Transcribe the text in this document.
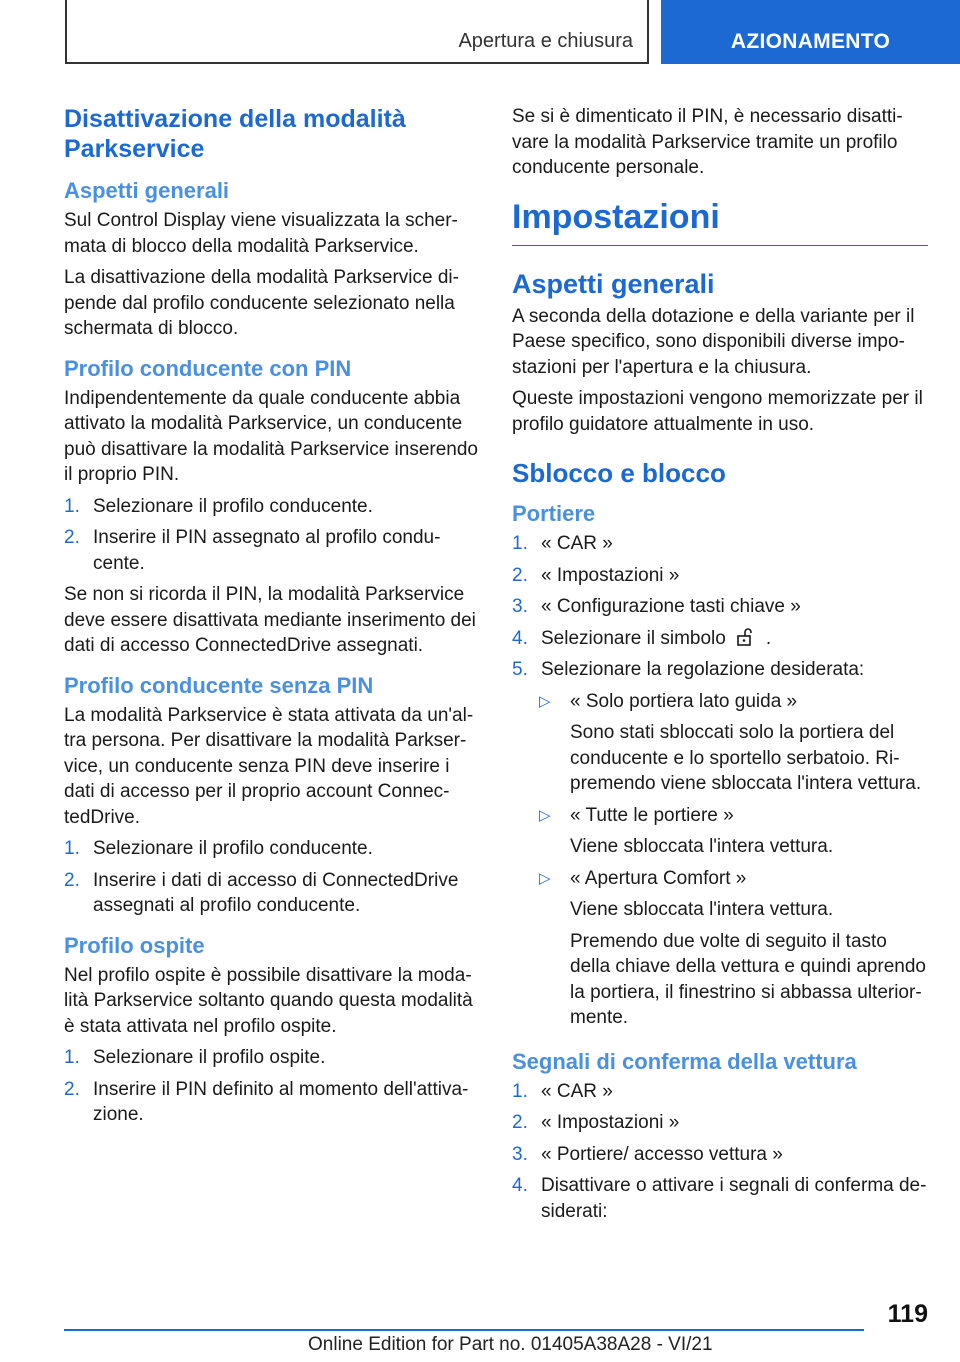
Apertura e chiusura	AZIONAMENTO
Disattivazione della modalità Parkservice
Aspetti generali

Sul Control Display viene visualizzata la scher-mata di blocco della modalità Parkservice.

La disattivazione della modalità Parkservice di-pende dal profilo conducente selezionato nella schermata di blocco.

Profilo conducente con PIN

Indipendentemente da quale conducente abbia attivato la modalità Parkservice, un conducente può disattivare la modalità Parkservice inserendo il proprio PIN.

1. Selezionare il profilo conducente.
2. Inserire il PIN assegnato al profilo condu-cente.

Se non si ricorda il PIN, la modalità Parkservice deve essere disattivata mediante inserimento dei dati di accesso ConnectedDrive assegnati.

Profilo conducente senza PIN

La modalità Parkservice è stata attivata da un'al-tra persona. Per disattivare la modalità Parkser-vice, un conducente senza PIN deve inserire i dati di accesso per il proprio account Connec-tedDrive.

1. Selezionare il profilo conducente.
2. Inserire i dati di accesso di ConnectedDrive assegnati al profilo conducente.
Profilo ospite

Nel profilo ospite è possibile disattivare la moda-lità Parkservice soltanto quando questa modalità è stata attivata nel profilo ospite.

1. Selezionare il profilo ospite.
2. Inserire il PIN definito al momento dell'attiva-zione.

Se si è dimenticato il PIN, è necessario disatti-vare la modalità Parkservice tramite un profilo conducente personale.

Impostazioni
Aspetti generali

A seconda della dotazione e della variante per il Paese specifico, sono disponibili diverse impo-stazioni per l'apertura e la chiusura.

Queste impostazioni vengono memorizzate per il profilo guidatore attualmente in uso.

Sblocco e blocco
Portiere
1. « CAR »
2. « Impostazioni »
3. « Configurazione tasti chiave »
4. Selezionare il simbolo .
5. Selezionare la regolazione desiderata:
▷ « Solo portiera lato guida »
Sono stati sbloccati solo la portiera del conducente e lo sportello serbatoio. Ri-premendo viene sbloccata l'intera vettura.
▷ « Tutte le portiere »
Viene sbloccata l'intera vettura.
▷ « Apertura Comfort »
Viene sbloccata l'intera vettura.
Premendo due volte di seguito il tasto della chiave della vettura e quindi aprendo la portiera, il finestrino si abbassa ulterior-mente.
Segnali di conferma della vettura
1. « CAR »
2. « Impostazioni »
3. « Portiere/ accesso vettura »
4. Disattivare o attivare i segnali di conferma de-siderati:
119
Online Edition for Part no. 01405A38A28 - VI/21
